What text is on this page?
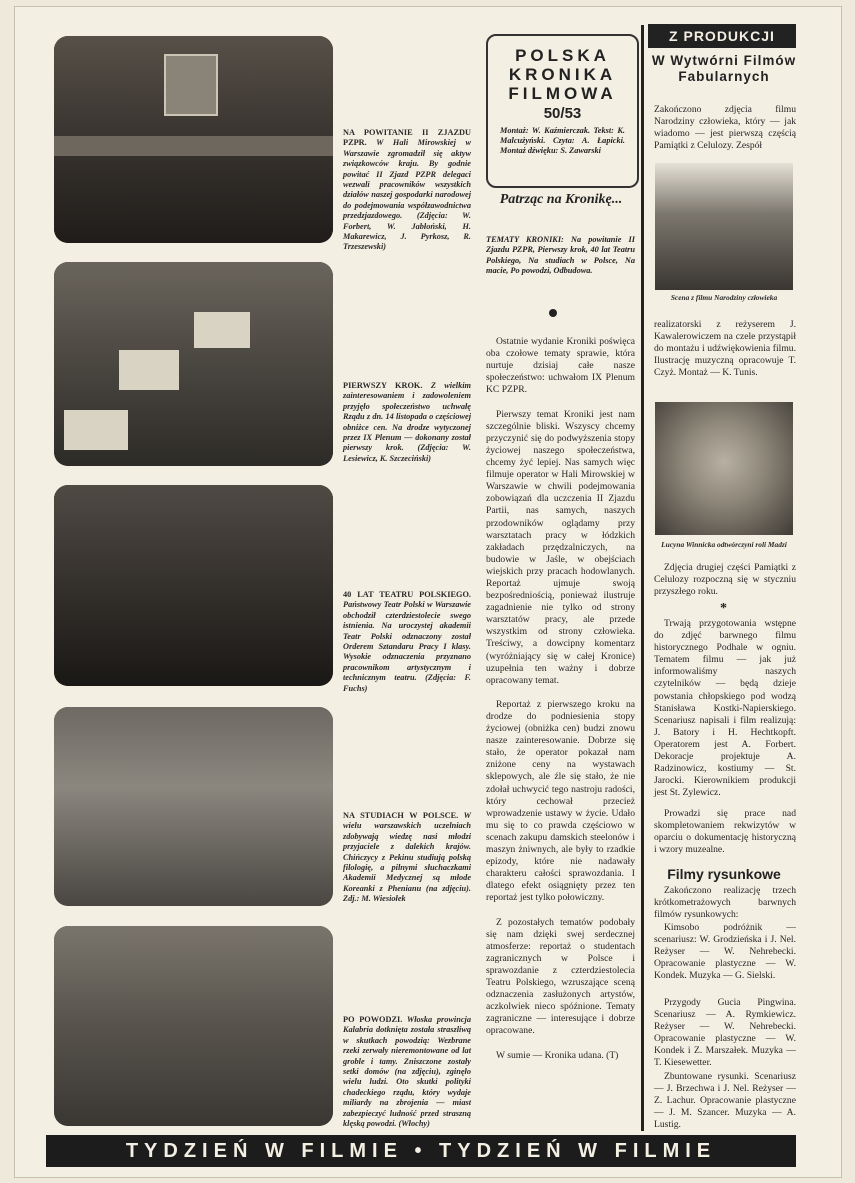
NA POWITANIE II ZJAZDU PZPR. W Hali Mirowskiej w Warszawie zgromadził się aktyw związkowców kraju. By godnie powitać II Zjazd PZPR delegaci wezwali pracowników wszystkich działów naszej gospodarki narodowej do podejmowania współzawodnictwa przedzjazdowego. (Zdjęcia: W. Forbert, W. Jabłoński, H. Makarewicz, J. Pyrkosz, R. Trzeszewski)
PIERWSZY KROK. Z wielkim zainteresowaniem i zadowoleniem przyjęło społeczeństwo uchwałę Rządu z dn. 14 listopada o częściowej obniżce cen. Na drodze wytyczonej przez IX Plenum — dokonany został pierwszy krok. (Zdjęcia: W. Lesiewicz, K. Szczeciński)
40 LAT TEATRU POLSKIEGO. Państwowy Teatr Polski w Warszawie obchodził czterdziestolecie swego istnienia. Na uroczystej akademii Teatr Polski odznaczony został Orderem Sztandaru Pracy I klasy. Wysokie odznaczenia przyznano pracownikom artystycznym i technicznym teatru. (Zdjęcia: F. Fuchs)
NA STUDIACH W POLSCE. W wielu warszawskich uczelniach zdobywają wiedzę nasi młodzi przyjaciele z dalekich krajów. Chińczycy z Pekinu studiują polską filologię, a pilnymi słuchaczkami Akademii Medycznej są młode Koreanki z Phenianu (na zdjęciu). Zdj.: M. Wiesiołek
PO POWODZI. Włoska prowincja Kalabria dotknięta została straszliwą w skutkach powodzią: Wezbrane rzeki zerwały nieremontowane od lat groble i tamy. Zniszczone zostały setki domów (na zdjęciu), zginęło wielu ludzi. Oto skutki polityki chadeckiego rządu, który wydaje miliardy na zbrojenia — miast zabezpieczyć ludność przed straszną klęską powodzi. (Włochy)
POLSKA KRONIKA FILMOWA
50/53
Montaż: W. Kaźmierczak. Tekst: K. Malcużyński. Czyta: A. Łapicki. Montaż dźwięku: S. Zawarski
Patrząc na Kronikę...
TEMATY KRONIKI: Na powitanie II Zjazdu PZPR, Pierwszy krok, 40 lat Teatru Polskiego, Na studiach w Polsce, Na macie, Po powodzi, Odbudowa.

Ostatnie wydanie Kroniki poświęca oba czołowe tematy sprawie, która nurtuje dzisiaj całe nasze społeczeństwo: uchwałom IX Plenum KC PZPR.

Pierwszy temat Kroniki jest nam szczególnie bliski. Wszyscy chcemy przyczynić się do podwyższenia stopy życiowej naszego społeczeństwa, chcemy żyć lepiej. Nas samych więc filmuje operator w Hali Mirowskiej w Warszawie w chwili podejmowania zobowiązań dla uczczenia II Zjazdu Partii, nas samych, naszych przodowników oglądamy przy warsztatach pracy w łódzkich zakładach przędzalniczych, na budowie w Jaśle, w obejściach wiejskich przy pracach hodowlanych. Reportaż ujmuje swoją bezpośredniością, ponieważ ilustruje zagadnienie nie tylko od strony warsztatów pracy, ale przede wszystkim od strony człowieka. Treściwy, a dowcipny komentarz (wyróżniający się w całej Kronice) uzupełnia ten ważny i dobrze opracowany temat.

Reportaż z pierwszego kroku na drodze do podniesienia stopy życiowej (obniżka cen) budzi znowu nasze zainteresowanie. Dobrze się stało, że operator pokazał nam zniżone ceny na wystawach sklepowych, ale źle się stało, że nie zdołał uchwycić tego nastroju radości, który cechował przecież wprowadzenie ustawy w życie. Udało mu się to co prawda częściowo w scenach zakupu damskich steelonów i maszyn żniwnych, ale były to rzadkie epizody, które nie nadawały charakteru całości sprawozdania. I dlatego efekt osiągnięty przez ten reportaż jest tylko połowiczny.

Z pozostałych tematów podobały się nam dzięki swej serdecznej atmosferze: reportaż o studentach zagranicznych w Polsce i sprawozdanie z czterdziestolecia Teatru Polskiego, wzruszające sceną odznaczenia zasłużonych artystów, aczkolwiek nieco spóźnione. Tematy zagraniczne — interesujące i dobrze opracowane.

W sumie — Kronika udana. (T)

Z PRODUKCJI
W Wytwórni Filmów Fabularnych
Zakończono zdjęcia filmu Narodziny człowieka, który — jak wiadomo — jest pierwszą częścią Pamiątki z Celulozy. Zespół
Scena z filmu Narodziny człowieka
realizatorski z reżyserem J. Kawalerowiczem na czele przystąpił do montażu i udźwiękowienia filmu. Ilustrację muzyczną opracowuje T. Czyż. Montaż — K. Tunis.
Lucyna Winnicka odtwórczyni roli Madzi
Zdjęcia drugiej części Pamiątki z Celulozy rozpoczną się w styczniu przyszłego roku.
*
Trwają przygotowania wstępne do zdjęć barwnego filmu historycznego Podhale w ogniu. Tematem filmu — jak już informowaliśmy naszych czytelników — będą dzieje powstania chłopskiego pod wodzą Stanisława Kostki-Napierskiego. Scenariusz napisali i film realizują: J. Batory i H. Hechtkopft. Operatorem jest A. Forbert. Dekoracje projektuje A. Radzinowicz, kostiumy — St. Jarocki. Kierownikiem produkcji jest St. Zylewicz.
Prowadzi się prace nad skompletowaniem rekwizytów w oparciu o dokumentację historyczną i wzory muzealne.
Filmy rysunkowe
Zakończono realizację trzech krótkometrażowych barwnych filmów rysunkowych:
Kimsobo podróżnik — scenariusz: W. Grodzieńska i J. Nel. Reżyser — W. Nehrebecki. Opracowanie plastyczne — W. Kondek. Muzyka — G. Sielski.
Przygody Gucia Pingwina. Scenariusz — A. Rymkiewicz. Reżyser — W. Nehrebecki. Opracowanie plastyczne — W. Kondek i Z. Marszałek. Muzyka — T. Kiesewetter.
Zbuntowane rysunki. Scenariusz — J. Brzechwa i J. Nel. Reżyser — Z. Lachur. Opracowanie plastyczne — J. M. Szancer. Muzyka — A. Lustig.
TYDZIEŃ W FILMIE • TYDZIEŃ W FILMIE
